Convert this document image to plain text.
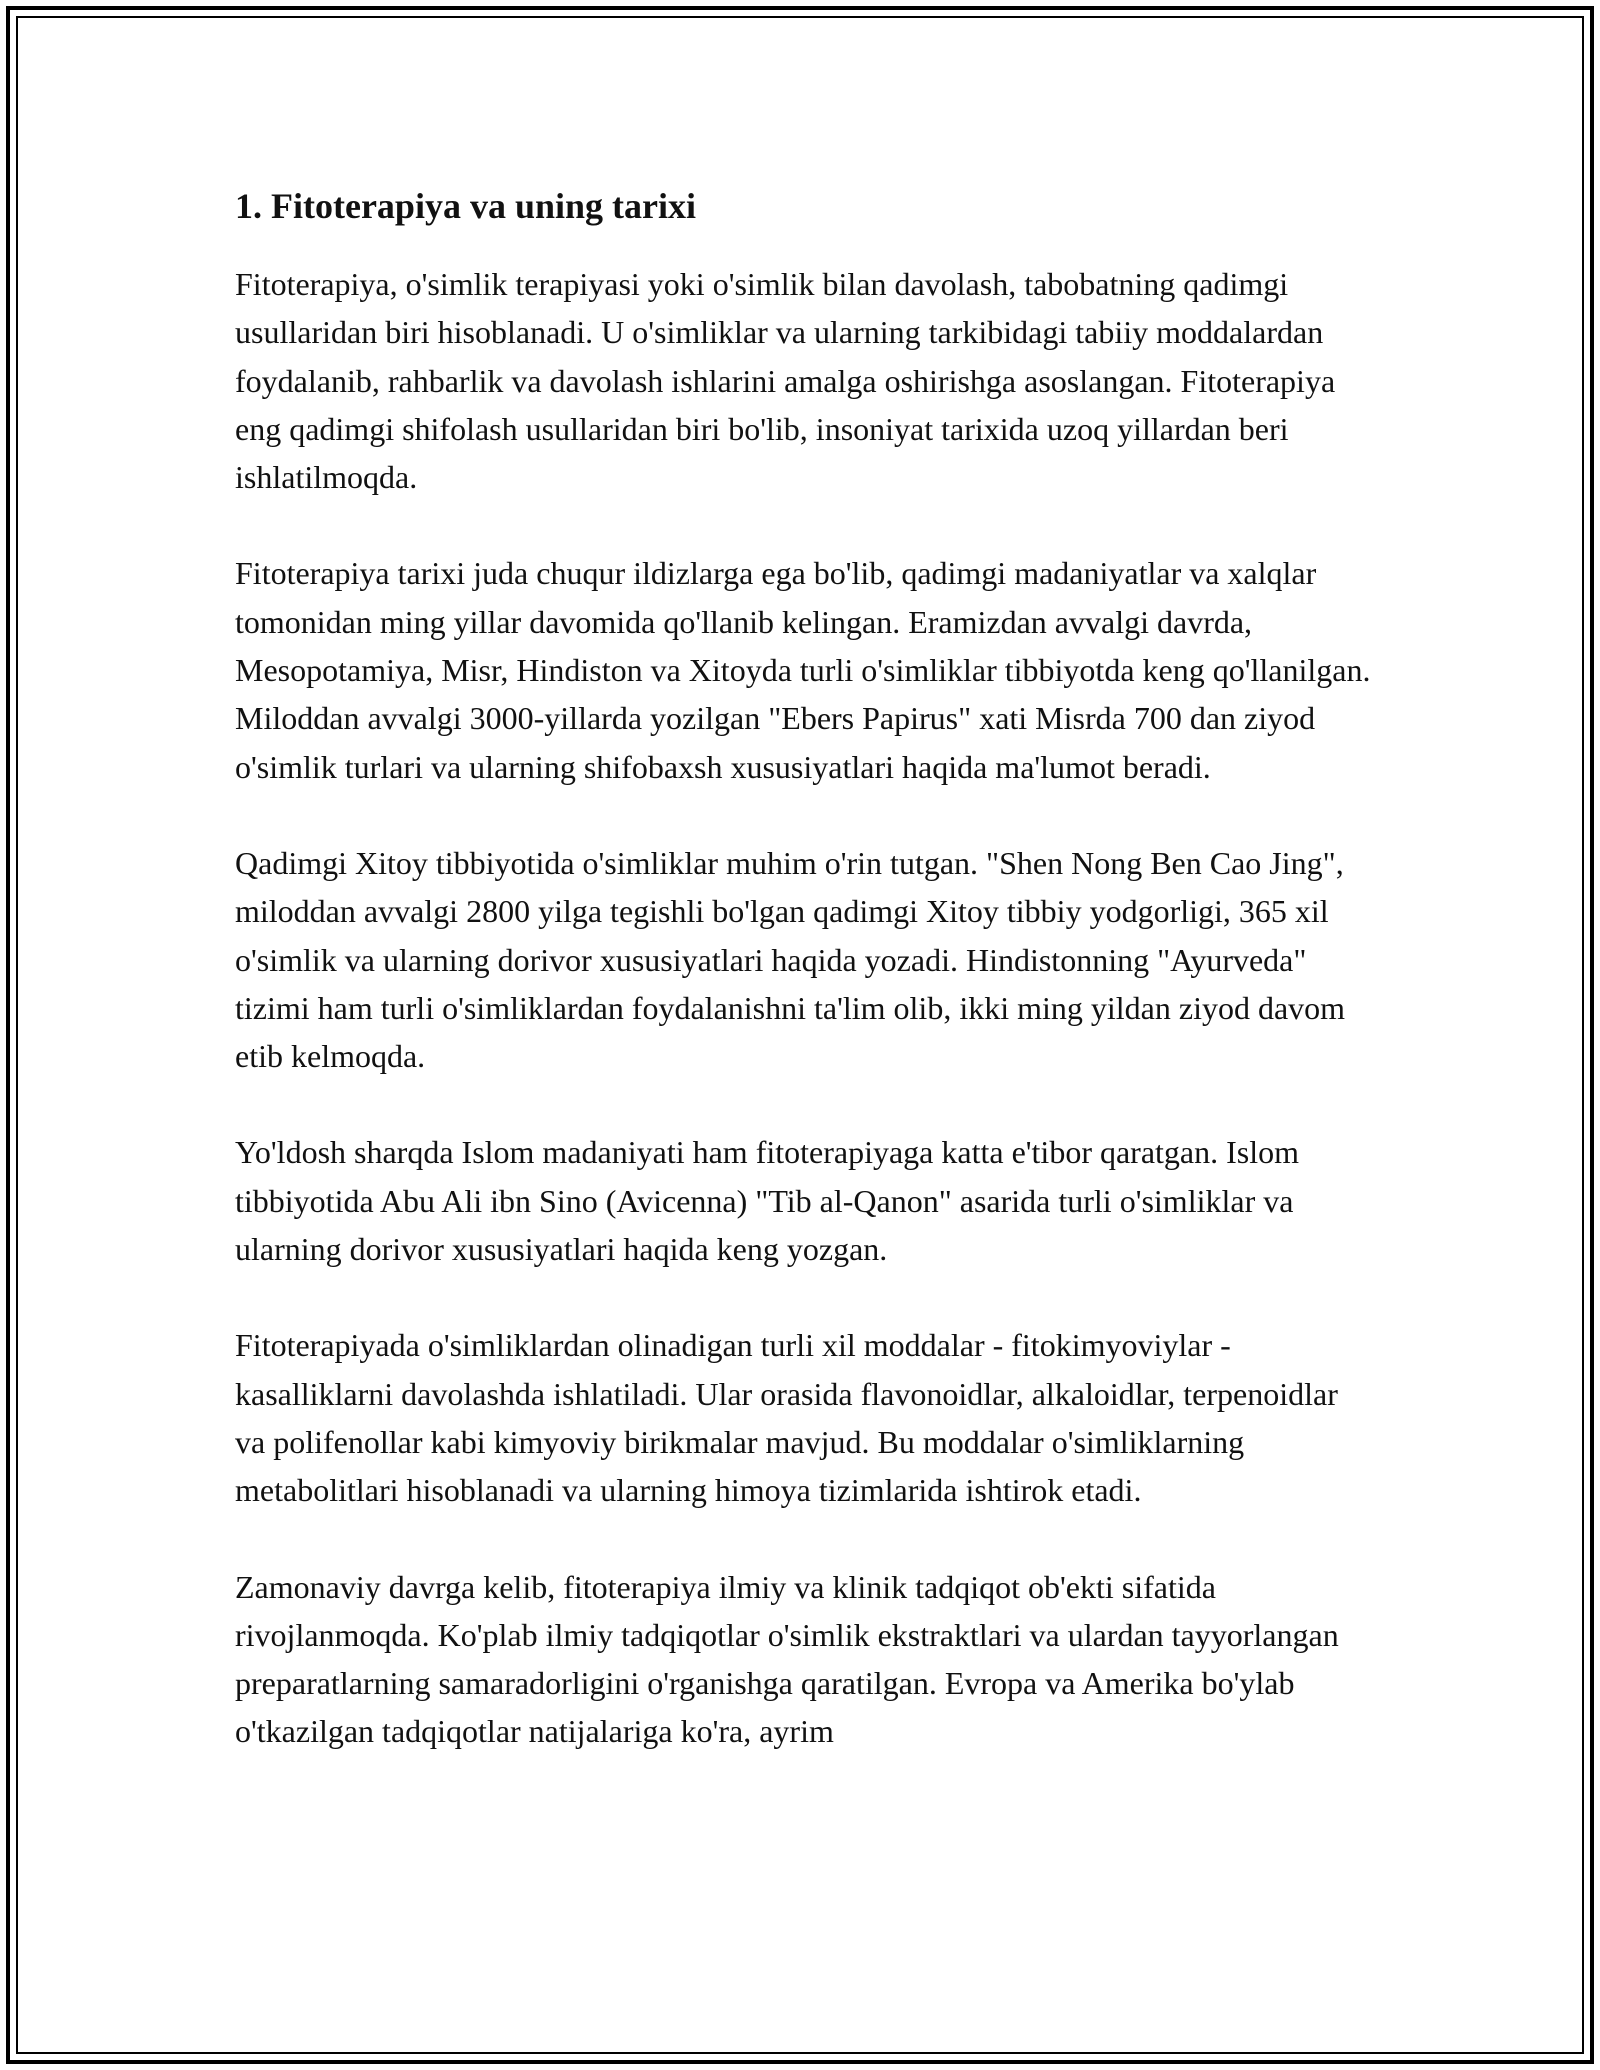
1. Fitoterapiya va uning tarixi

Fitoterapiya, o'simlik terapiyasi yoki o'simlik bilan davolash, tabobatning qadimgi usullaridan biri hisoblanadi. U o'simliklar va ularning tarkibidagi tabiiy moddalardan foydalanib, rahbarlik va davolash ishlarini amalga oshirishga asoslangan. Fitoterapiya eng qadimgi shifolash usullaridan biri bo'lib, insoniyat tarixida uzoq yillardan beri ishlatilmoqda.

Fitoterapiya tarixi juda chuqur ildizlarga ega bo'lib, qadimgi madaniyatlar va xalqlar tomonidan ming yillar davomida qo'llanib kelingan. Eramizdan avvalgi davrda, Mesopotamiya, Misr, Hindiston va Xitoyda turli o'simliklar tibbiyotda keng qo'llanilgan. Miloddan avvalgi 3000-yillarda yozilgan "Ebers Papirus" xati Misrda 700 dan ziyod o'simlik turlari va ularning shifobaxsh xususiyatlari haqida ma'lumot beradi.

Qadimgi Xitoy tibbiyotida o'simliklar muhim o'rin tutgan. "Shen Nong Ben Cao Jing", miloddan avvalgi 2800 yilga tegishli bo'lgan qadimgi Xitoy tibbiy yodgorligi, 365 xil o'simlik va ularning dorivor xususiyatlari haqida yozadi. Hindistonning "Ayurveda" tizimi ham turli o'simliklardan foydalanishni ta'lim olib, ikki ming yildan ziyod davom etib kelmoqda.

Yo'ldosh sharqda Islom madaniyati ham fitoterapiyaga katta e'tibor qaratgan. Islom tibbiyotida Abu Ali ibn Sino (Avicenna) "Tib al-Qanon" asarida turli o'simliklar va ularning dorivor xususiyatlari haqida keng yozgan.

Fitoterapiyada o'simliklardan olinadigan turli xil moddalar - fitokimyoviylar - kasalliklarni davolashda ishlatiladi. Ular orasida flavonoidlar, alkaloidlar, terpenoidlar va polifenollar kabi kimyoviy birikmalar mavjud. Bu moddalar o'simliklarning metabolitlari hisoblanadi va ularning himoya tizimlarida ishtirok etadi.

Zamonaviy davrga kelib, fitoterapiya ilmiy va klinik tadqiqot ob'ekti sifatida rivojlanmoqda. Ko'plab ilmiy tadqiqotlar o'simlik ekstraktlari va ulardan tayyorlangan preparatlarning samaradorligini o'rganishga qaratilgan. Evropa va Amerika bo'ylab o'tkazilgan tadqiqotlar natijalariga ko'ra, ayrim
